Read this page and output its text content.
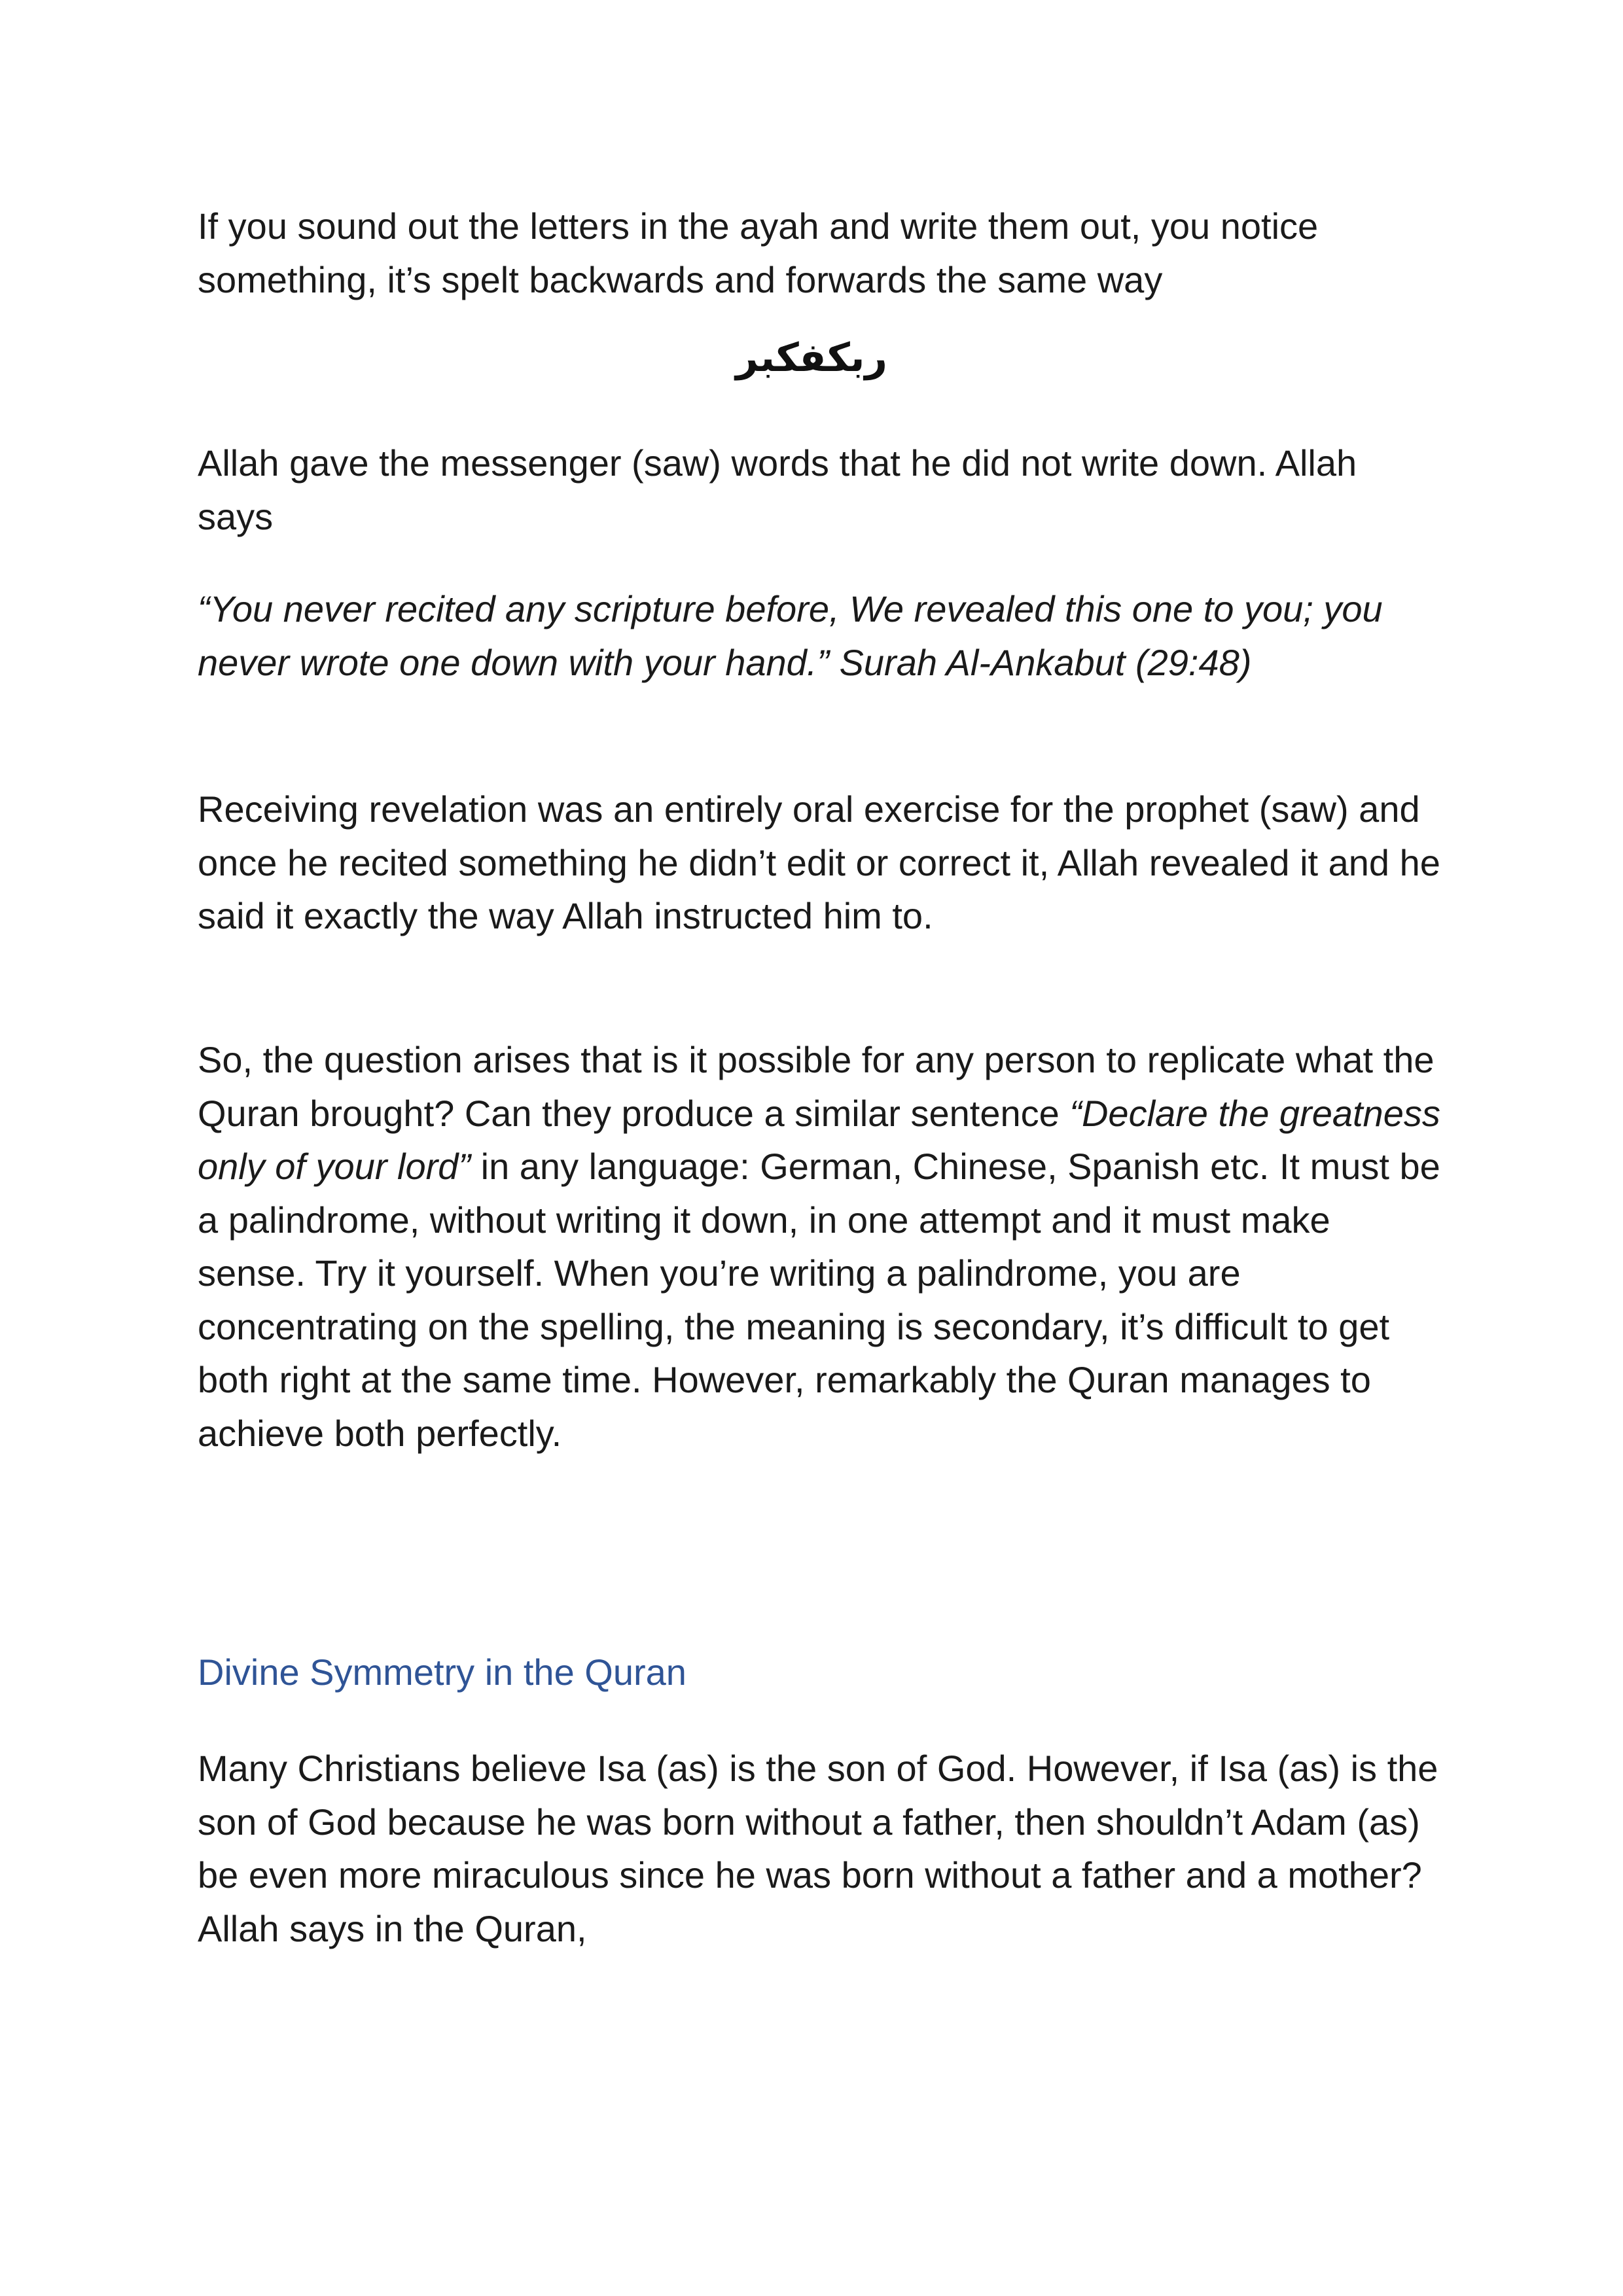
If you sound out the letters in the ayah and write them out, you notice something, it’s spelt backwards and forwards the same way

ربكفكبر

Allah gave the messenger (saw) words that he did not write down. Allah says

“You never recited any scripture before, We revealed this one to you; you never wrote one down with your hand.” Surah Al-Ankabut (29:48)

Receiving revelation was an entirely oral exercise for the prophet (saw) and once he recited something he didn’t edit or correct it, Allah revealed it and he said it exactly the way Allah instructed him to.

So, the question arises that is it possible for any person to replicate what the Quran brought? Can they produce a similar sentence “Declare the greatness only of your lord” in any language: German, Chinese, Spanish etc. It must be a palindrome, without writing it down, in one attempt and it must make sense. Try it yourself. When you’re writing a palindrome, you are concentrating on the spelling, the meaning is secondary, it’s difficult to get both right at the same time. However, remarkably the Quran manages to achieve both perfectly.

Divine Symmetry in the Quran

Many Christians believe Isa (as) is the son of God. However, if Isa (as) is the son of God because he was born without a father, then shouldn’t Adam (as) be even more miraculous since he was born without a father and a mother? Allah says in the Quran,
